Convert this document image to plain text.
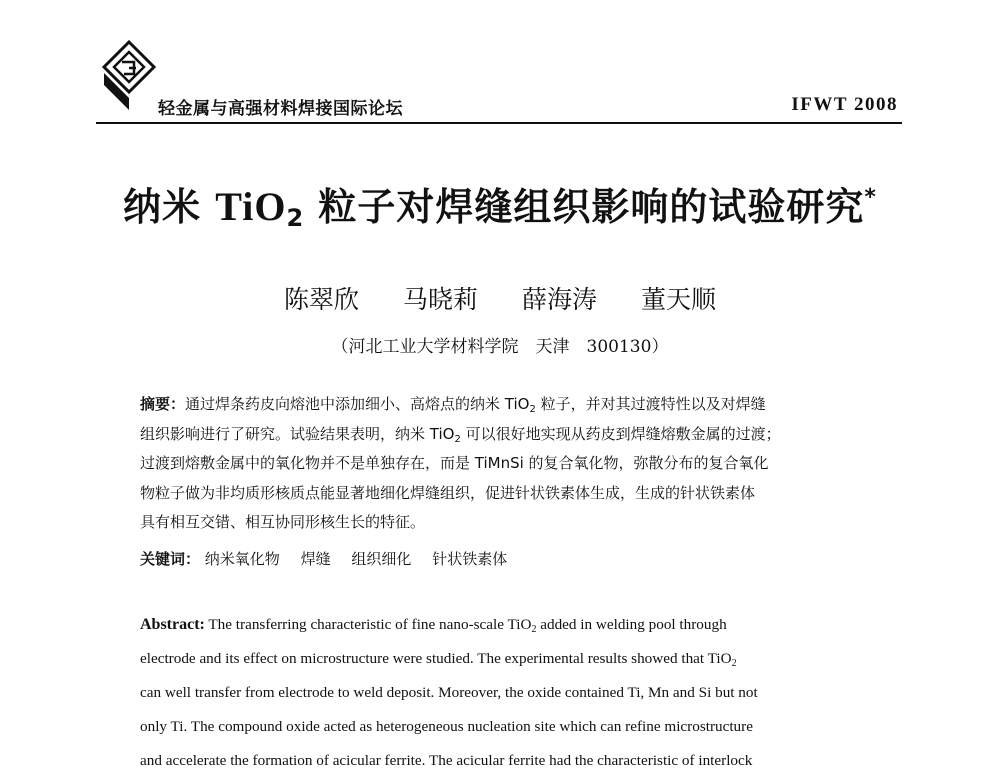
轻金属与高强材料焊接国际论坛	IFWT 2008
纳米 TiO$_2$ 粒子对焊缝组织影响的试验研究*
陈翠欣 马晓莉 薛海涛 董天顺
（河北工业大学材料学院　天津　300130）
摘要：通过焊条药皮向熔池中添加细小、高熔点的纳米 TiO$_2$ 粒子，并对其过渡特性以及对焊缝
组织影响进行了研究。试验结果表明，纳米 TiO$_2$ 可以很好地实现从药皮到焊缝熔敷金属的过渡；
过渡到熔敷金属中的氧化物并不是单独存在，而是 TiMnSi 的复合氧化物，弥散分布的复合氧化
物粒子做为非均质形核质点能显著地细化焊缝组织，促进针状铁素体生成，生成的针状铁素体
具有相互交错、相互协同形核生长的特征。
关键词： 纳米氧化物 焊缝 组织细化 针状铁素体
Abstract: The transferring characteristic of fine nano-scale TiO$_2$ added in welding pool through
electrode and its effect on microstructure were studied. The experimental results showed that TiO$_2$
can well transfer from electrode to weld deposit. Moreover, the oxide contained Ti, Mn and Si but not
only Ti. The compound oxide acted as heterogeneous nucleation site which can refine microstructure
and accelerate the formation of acicular ferrite. The acicular ferrite had the characteristic of interlock
